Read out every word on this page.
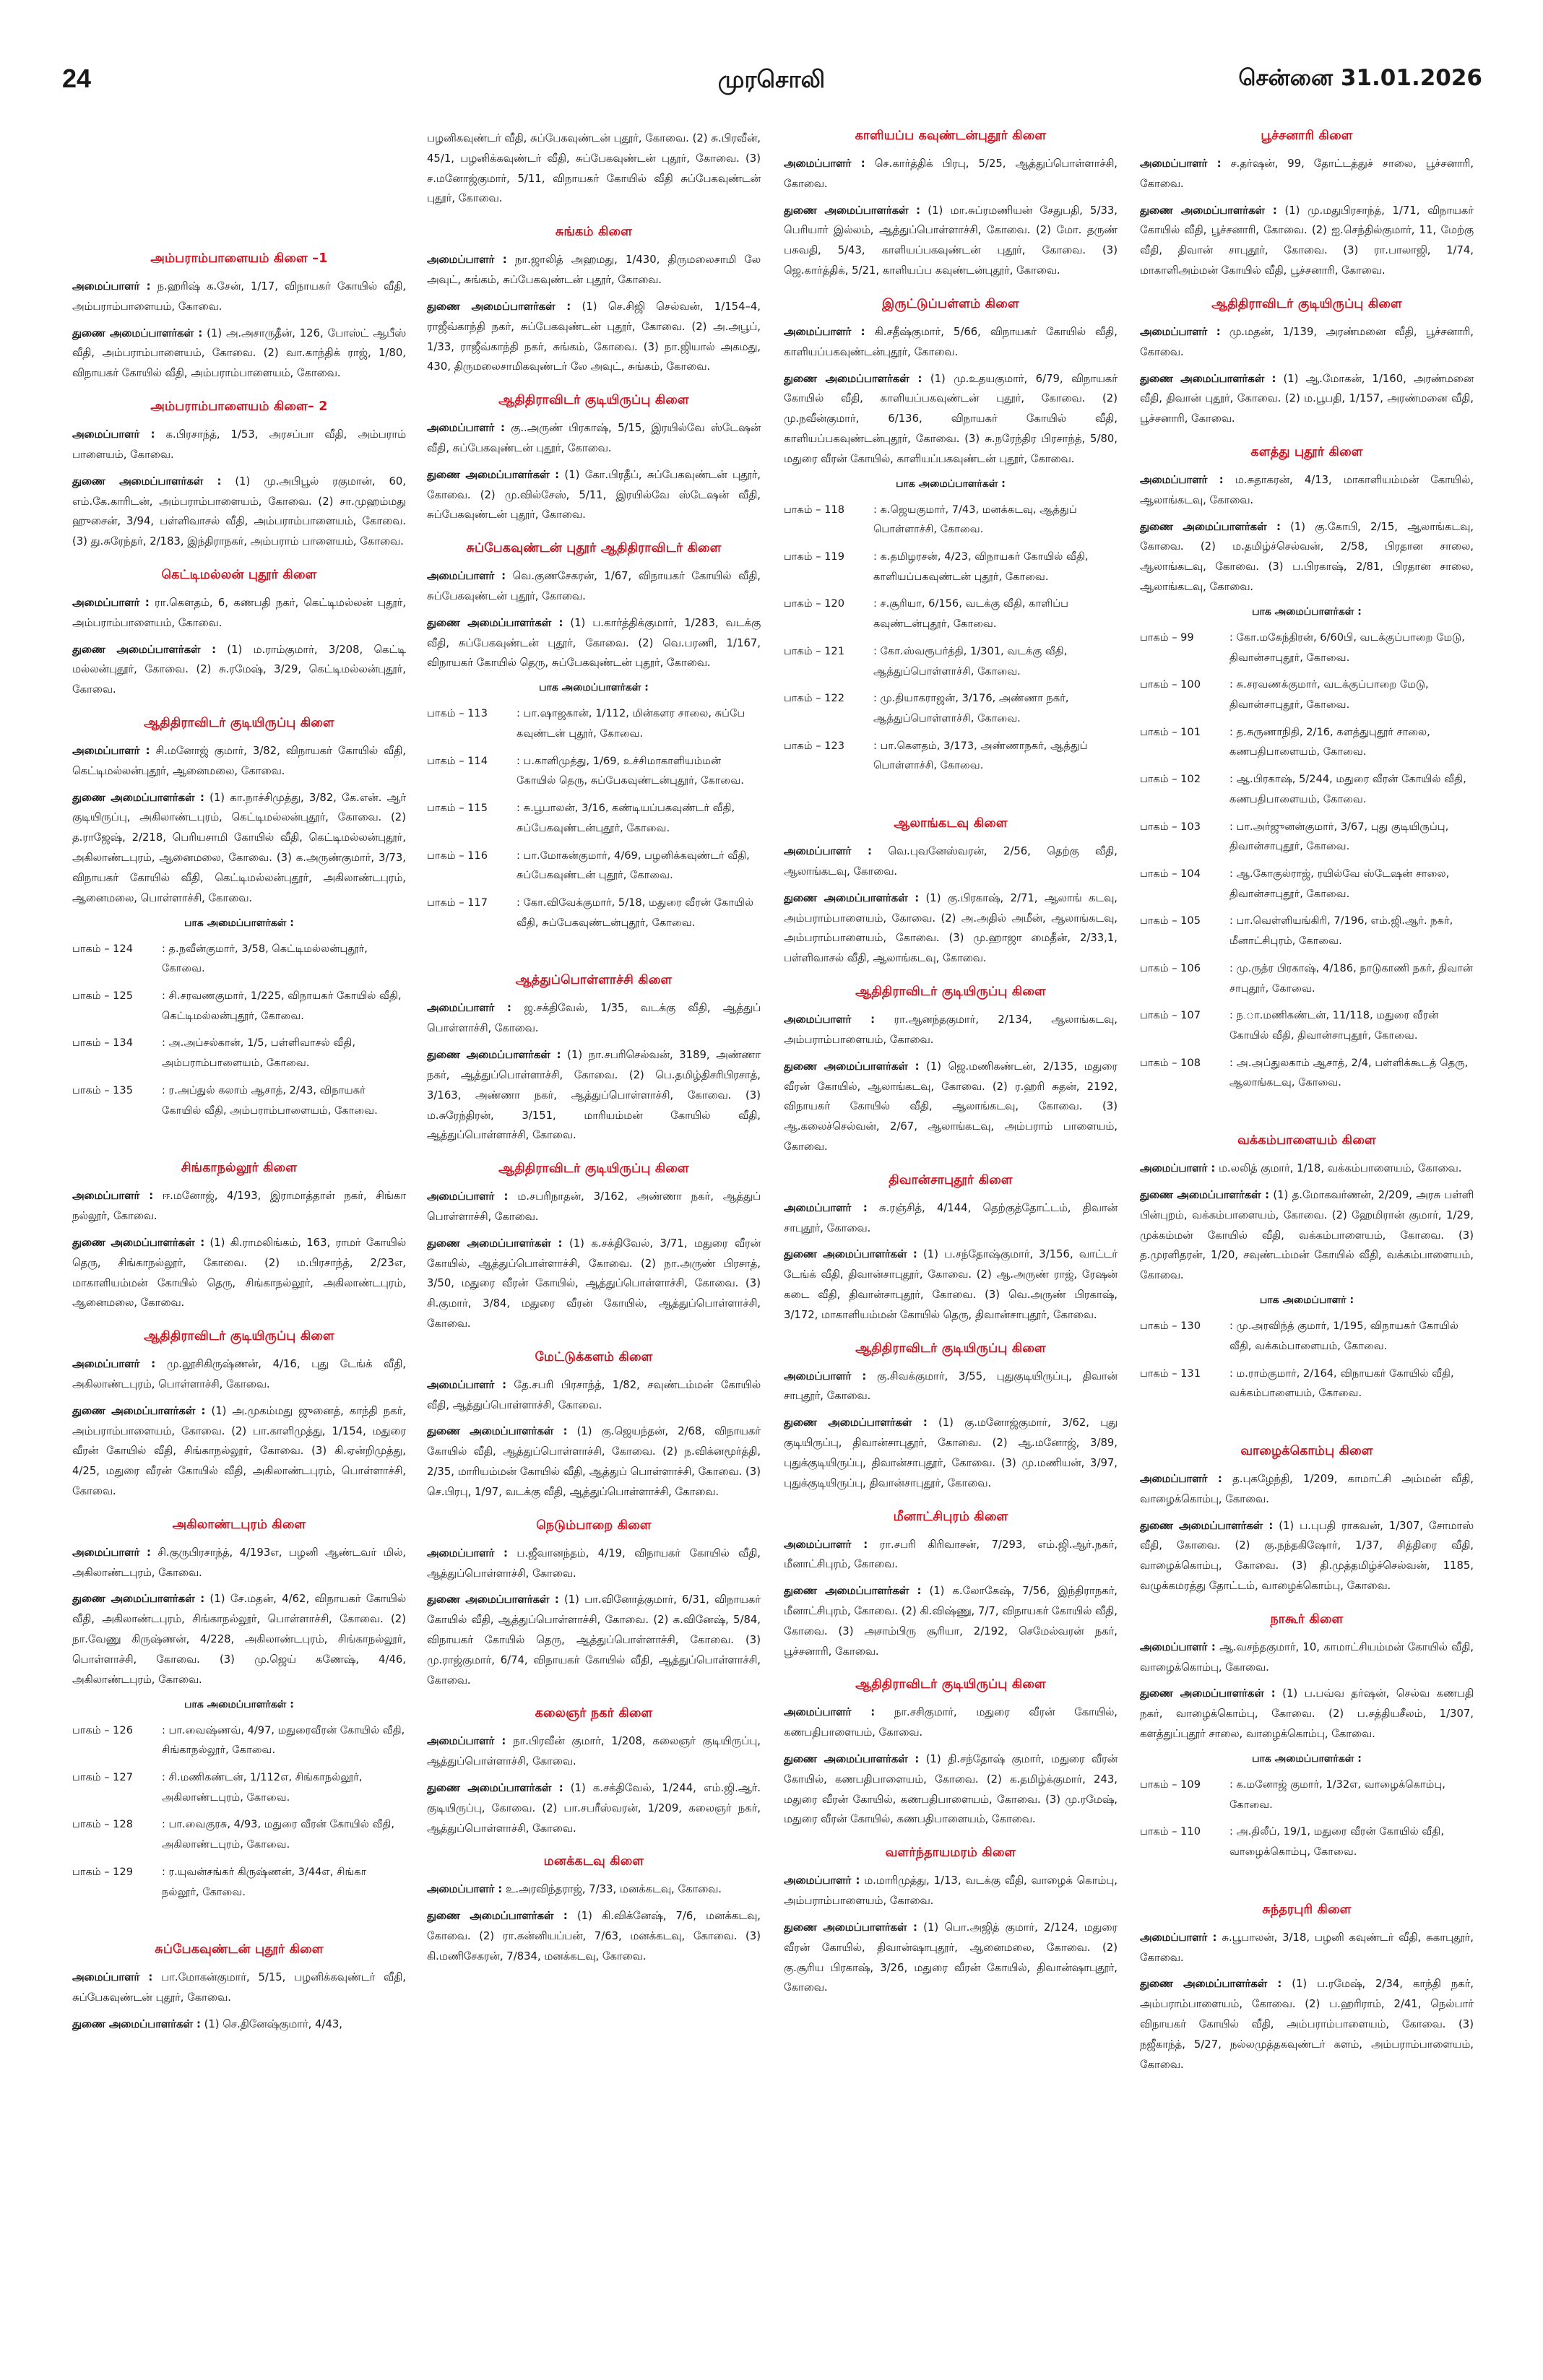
24	முரசொலி	சென்னை 31.01.2026
அம்பராம்பாளையம் கிளை –1
அமைப்பாளர் : ந.ஹரிஷ் க.சேன், 1/17, விநாயகர் கோயில் வீதி, அம்பராம்பாளையம், கோவை.
துணை அமைப்பாளர்கள் : (1) அ.அசாருதீன், 126, போஸ்ட் ஆபீஸ் வீதி, அம்பராம்பாளையம், கோவை. (2) வா.காந்திக் ராஜ், 1/80, விநாயகர் கோயில் வீதி, அம்பராம்பாளையம், கோவை.
அம்பராம்பாளையம் கிளை– 2
அமைப்பாளர் : க.பிரசாந்த், 1/53, அரசப்பா வீதி, அம்பராம் பாளையம், கோவை.
துணை அமைப்பாளர்கள் : (1) மு.அபிபூல் ரகுமான், 60, எம்.கே.காரிடன், அம்பராம்பாளையம், கோவை. (2) சா.முஹம்மது ஹுசைன், 3/94, பள்ளிவாசல் வீதி, அம்பராம்பாளையம், கோவை. (3) து.சுரேந்தர், 2/183, இந்திராநகர், அம்பராம் பாளையம், கோவை.
கெட்டிமல்லன் புதூர் கிளை
அமைப்பாளர் : ரா.கௌதம், 6, கணபதி நகர், கெட்டிமல்லன் புதூர், அம்பராம்பாளையம், கோவை.
துணை அமைப்பாளர்கள் : (1) ம.ராம்குமார், 3/208, கெட்டி மல்லன்புதூர், கோவை. (2) சு.ரமேஷ், 3/29, கெட்டிமல்லன்புதூர், கோவை.
ஆதிதிராவிடர் குடியிருப்பு கிளை
அமைப்பாளர் : சி.மனோஜ் குமார், 3/82, விநாயகர் கோயில் வீதி, கெட்டிமல்லன்புதூர், ஆனைமலை, கோவை.
துணை அமைப்பாளர்கள் : (1) கா.நாச்சிமுத்து, 3/82, கே.என். ஆர் குடியிருப்பு, அகிலாண்டபுரம், கெட்டிமல்லன்புதூர், கோவை. (2) த.ராஜேஷ், 2/218, பெரியசாமி கோயில் வீதி, கெட்டிமல்லன்புதூர், அகிலாண்டபுரம், ஆனைமலை, கோவை. (3) க.அருண்குமார், 3/73, விநாயகர் கோயில் வீதி, கெட்டிமல்லன்புதூர், அகிலாண்டபுரம், ஆனைமலை, பொள்ளாச்சி, கோவை.
பாக அமைப்பாளர்கள் :
பாகம் – 124	: த.நவீன்குமார், 3/58, கெட்டிமல்லன்புதூர், கோவை.
பாகம் – 125	: சி.சரவணகுமார், 1/225, விநாயகர் கோயில் வீதி, கெட்டிமல்லன்புதூர், கோவை.
பாகம் – 134	: அ.அப்சல்கான், 1/5, பள்ளிவாசல் வீதி, அம்பராம்பாளையம், கோவை.
பாகம் – 135	: ர.அப்துல் கலாம் ஆசாத், 2/43, விநாயகர் கோயில் வீதி, அம்பராம்பாளையம், கோவை.
சிங்காநல்லூர் கிளை
அமைப்பாளர் : ஈ.மனோஜ், 4/193, இராமாத்தாள் நகர், சிங்கா நல்லூர், கோவை.
துணை அமைப்பாளர்கள் : (1) கி.ராமலிங்கம், 163, ராமர் கோயில் தெரு, சிங்காநல்லூர், கோவை. (2) ம.பிரசாந்த், 2/23எ, மாகாளியம்மன் கோயில் தெரு, சிங்காநல்லூர், அகிலாண்டபுரம், ஆனைமலை, கோவை.
ஆதிதிராவிடர் குடியிருப்பு கிளை
அமைப்பாளர் : மு.லூசிகிருஷ்ணன், 4/16, புது டேங்க் வீதி, அகிலாண்டபுரம், பொள்ளாச்சி, கோவை.
துணை அமைப்பாளர்கள் : (1) அ.முகம்மது ஜுனைத், காந்தி நகர், அம்பராம்பாளையம், கோவை. (2) பா.காளிமுத்து, 1/154, மதுரை வீரன் கோயில் வீதி, சிங்காநல்லூர், கோவை. (3) கி.ஏன்றிமுத்து, 4/25, மதுரை வீரன் கோயில் வீதி, அகிலாண்டபுரம், பொள்ளாச்சி, கோவை.
அகிலாண்டபுரம் கிளை
அமைப்பாளர் : சி.குருபிரசாந்த், 4/193எ, பழனி ஆண்டவர் மில், அகிலாண்டபுரம், கோவை.
துணை அமைப்பாளர்கள் : (1) சே.மதன், 4/62, விநாயகர் கோயில் வீதி, அகிலாண்டபுரம், சிங்காநல்லூர், பொள்ளாச்சி, கோவை. (2) நா.வேணு கிருஷ்ணன், 4/228, அகிலாண்டபுரம், சிங்காநல்லூர், பொள்ளாச்சி, கோவை. (3) மு.ஜெய் கணேஷ், 4/46, அகிலாண்டபுரம், கோவை.
பாக அமைப்பாளர்கள் :
பாகம் – 126	: பா.வைஷ்ணவ், 4/97, மதுரைவீரன் கோயில் வீதி, சிங்காநல்லூர், கோவை.
பாகம் – 127	: சி.மணிகண்டன், 1/112எ, சிங்காநல்லூர், அகிலாண்டபுரம், கோவை.
பாகம் – 128	: பா.வைகுரசு, 4/93, மதுரை வீரன் கோயில் வீதி, அகிலாண்டபுரம், கோவை.
பாகம் – 129	: ர.யுவன்சங்கர் கிருஷ்ணன், 3/44எ, சிங்கா நல்லூர், கோவை.
சுப்பேகவுண்டன் புதூர் கிளை
அமைப்பாளர் : பா.மோகன்குமார், 5/15, பழனிக்கவுண்டர் வீதி, சுப்பேகவுண்டன் புதூர், கோவை.
துணை அமைப்பாளர்கள் : (1) செ.தினேஷ்குமார், 4/43,
பழனிகவுண்டர் வீதி, சுப்பேகவுண்டன் புதூர், கோவை. (2) சு.பிரவீன், 45/1, பழனிக்கவுண்டர் வீதி, சுப்பேகவுண்டன் புதூர், கோவை. (3) ச.மனோஜ்குமார், 5/11, விநாயகர் கோயில் வீதி சுப்பேகவுண்டன் புதூர், கோவை.
சுங்கம் கிளை
அமைப்பாளர் : நா.ஜாலித் அஹமது, 1/430, திருமலைசாமி லே அவுட், சுங்கம், சுப்பேகவுண்டன் புதூர், கோவை.
துணை அமைப்பாளர்கள் : (1) செ.சிஜி செல்வன், 1/154–4, ராஜீவ்காந்தி நகர், சுப்பேகவுண்டன் புதூர், கோவை. (2) அ.அபூப், 1/33, ராஜீவ்காந்தி நகர், சுங்கம், கோவை. (3) நா.ஜியால் அகமது, 430, திருமலைசாமிகவுண்டர் லே அவுட், சுங்கம், கோவை.
ஆதிதிராவிடர் குடியிருப்பு கிளை
அமைப்பாளர் : கு..அருண் பிரகாஷ், 5/15, இரயில்வே ஸ்டேஷன் வீதி, சுப்பேகவுண்டன் புதூர், கோவை.
துணை அமைப்பாளர்கள் : (1) கோ.பிரதீப், சுப்பேகவுண்டன் புதூர், கோவை. (2) மு.வில்சேஸ், 5/11, இரயில்வே ஸ்டேஷன் வீதி, சுப்பேகவுண்டன் புதூர், கோவை.
சுப்பேகவுண்டன் புதூர் ஆதிதிராவிடர் கிளை
அமைப்பாளர் : வெ.குணசேகரன், 1/67, விநாயகர் கோயில் வீதி, சுப்பேகவுண்டன் புதூர், கோவை.
துணை அமைப்பாளர்கள் : (1) ப.கார்த்திக்குமார், 1/283, வடக்கு வீதி, சுப்பேகவுண்டன் புதூர், கோவை. (2) வெ.பரணி, 1/167, விநாயகர் கோயில் தெரு, சுப்பேகவுண்டன் புதூர், கோவை.
பாக அமைப்பாளர்கள் :
பாகம் – 113	: பா.ஷாஜகான், 1/112, மின்களர சாலை, சுப்பே கவுண்டன் புதூர், கோவை.
பாகம் – 114	: ப.காளிமுத்து, 1/69, உச்சிமாகாளியம்மன் கோயில் தெரு, சுப்பேகவுண்டன்புதூர், கோவை.
பாகம் – 115	: சு.பூபாலன், 3/16, கண்டியப்பகவுண்டர் வீதி, சுப்பேகவுண்டன்புதூர், கோவை.
பாகம் – 116	: பா.மோகன்குமார், 4/69, பழனிக்கவுண்டர் வீதி, சுப்பேகவுண்டன் புதூர், கோவை.
பாகம் – 117	: கோ.விவேக்குமார், 5/18, மதுரை வீரன் கோயில் வீதி, சுப்பேகவுண்டன்புதூர், கோவை.
ஆத்துப்பொள்ளாச்சி கிளை
அமைப்பாளர் : ஜ.சக்திவேல், 1/35, வடக்கு வீதி, ஆத்துப் பொள்ளாச்சி, கோவை.
துணை அமைப்பாளர்கள் : (1) நா.சபரிசெல்வன், 3189, அண்ணா நகர், ஆத்துப்பொள்ளாச்சி, கோவை. (2) பெ.தமிழ்திசரிபிரசாத், 3/163, அண்ணா நகர், ஆத்துப்பொள்ளாச்சி, கோவை. (3) ம.சுரேந்திரன், 3/151, மாரியம்மன் கோயில் வீதி, ஆத்துப்பொள்ளாச்சி, கோவை.
ஆதிதிராவிடர் குடியிருப்பு கிளை
அமைப்பாளர் : ம.சபரிநாதன், 3/162, அண்ணா நகர், ஆத்துப் பொள்ளாச்சி, கோவை.
துணை அமைப்பாளர்கள் : (1) க.சக்திவேல், 3/71, மதுரை வீரன் கோயில், ஆத்துப்பொள்ளாச்சி, கோவை. (2) நா.அருண் பிரசாத், 3/50, மதுரை வீரன் கோயில், ஆத்துப்பொள்ளாச்சி, கோவை. (3) சி.குமார், 3/84, மதுரை வீரன் கோயில், ஆத்துப்பொள்ளாச்சி, கோவை.
மேட்டுக்களம் கிளை
அமைப்பாளர் : தே.சபரி பிரசாந்த், 1/82, சவுண்டம்மன் கோயில் வீதி, ஆத்துப்பொள்ளாச்சி, கோவை.
துணை அமைப்பாளர்கள் : (1) கு.ஜெயந்தன், 2/68, விநாயகர் கோயில் வீதி, ஆத்துப்பொள்ளாச்சி, கோவை. (2) ந.விக்னமூர்த்தி, 2/35, மாரியம்மன் கோயில் வீதி, ஆத்துப் பொள்ளாச்சி, கோவை. (3) செ.பிரபு, 1/97, வடக்கு வீதி, ஆத்துப்பொள்ளாச்சி, கோவை.
நெடும்பாறை கிளை
அமைப்பாளர் : ப.ஜீவானந்தம், 4/19, விநாயகர் கோயில் வீதி, ஆத்துப்பொள்ளாச்சி, கோவை.
துணை அமைப்பாளர்கள் : (1) பா.வினோத்குமார், 6/31, விநாயகர் கோயில் வீதி, ஆத்துப்பொள்ளாச்சி, கோவை. (2) க.வினேஷ், 5/84, விநாயகர் கோயில் தெரு, ஆத்துப்பொள்ளாச்சி, கோவை. (3) மு.ராஜ்குமார், 6/74, விநாயகர் கோயில் வீதி, ஆத்துப்பொள்ளாச்சி, கோவை.
கலைஞர் நகர் கிளை
அமைப்பாளர் : நா.பிரவீன் குமார், 1/208, கலைஞர் குடியிருப்பு, ஆத்துப்பொள்ளாச்சி, கோவை.
துணை அமைப்பாளர்கள் : (1) க.சக்திவேல், 1/244, எம்.ஜி.ஆர். குடியிருப்பு, கோவை. (2) பா.சபரீஸ்வரன், 1/209, கலைஞர் நகர், ஆத்துப்பொள்ளாச்சி, கோவை.
மனக்கடவு கிளை
அமைப்பாளர் : உ.அரவிந்தராஜ், 7/33, மனக்கடவு, கோவை.
துணை அமைப்பாளர்கள் : (1) கி.விக்னேஷ், 7/6, மனக்கடவு, கோவை. (2) ரா.கன்னியப்பன், 7/63, மனக்கடவு, கோவை. (3) கி.மணிசேகரன், 7/834, மனக்கடவு, கோவை.
காளியப்ப கவுண்டன்புதூர் கிளை
அமைப்பாளர் : செ.கார்த்திக் பிரபு, 5/25, ஆத்துப்பொள்ளாச்சி, கோவை.
துணை அமைப்பாளர்கள் : (1) மா.சுப்ரமணியன் சேதுபதி, 5/33, பெரியார் இல்லம், ஆத்துப்பொள்ளாச்சி, கோவை. (2) மோ. தருண் பசுவதி, 5/43, காளியப்பகவுண்டன் புதூர், கோவை. (3) ஜெ.கார்த்திக், 5/21, காளியப்ப கவுண்டன்புதூர், கோவை.
இருட்டுப்பள்ளம் கிளை
அமைப்பாளர் : கி.சதீஷ்குமார், 5/66, விநாயகர் கோயில் வீதி, காளியப்பகவுண்டன்புதூர், கோவை.
துணை அமைப்பாளர்கள் : (1) மு.உதயகுமார், 6/79, விநாயகர் கோயில் வீதி, காளியப்பகவுண்டன் புதூர், கோவை. (2) மு.நவீன்குமார், 6/136, விநாயகர் கோயில் வீதி, காளியப்பகவுண்டன்புதூர், கோவை. (3) சு.நரேந்திர பிரசாந்த், 5/80, மதுரை வீரன் கோயில், காளியப்பகவுண்டன் புதூர், கோவை.
பாக அமைப்பாளர்கள் :
பாகம் – 118	: க.ஜெயகுமார், 7/43, மனக்கடவு, ஆத்துப் பொள்ளாச்சி, கோவை.
பாகம் – 119	: க.தமிழரசன், 4/23, விநாயகர் கோயில் வீதி, காளியப்பகவுண்டன் புதூர், கோவை.
பாகம் – 120	: ச.சூரியா, 6/156, வடக்கு வீதி, காளிப்ப கவுண்டன்புதூர், கோவை.
பாகம் – 121	: கோ.ஸ்வரூபர்த்தி, 1/301, வடக்கு வீதி, ஆத்துப்பொள்ளாச்சி, கோவை.
பாகம் – 122	: மு.தியாகராஜன், 3/176, அண்ணா நகர், ஆத்துப்பொள்ளாச்சி, கோவை.
பாகம் – 123	: பா.கௌதம், 3/173, அண்ணாநகர், ஆத்துப் பொள்ளாச்சி, கோவை.
ஆலாங்கடவு கிளை
அமைப்பாளர் : வெ.புவனேஸ்வரன், 2/56, தெற்கு வீதி, ஆலாங்கடவு, கோவை.
துணை அமைப்பாளர்கள் : (1) கு.பிரகாஷ், 2/71, ஆலாங் கடவு, அம்பராம்பாளையம், கோவை. (2) அ.அதில் அமீன், ஆலாங்கடவு, அம்பராம்பாளையம், கோவை. (3) மு.ஹாஜா மைதீன், 2/33,1, பள்ளிவாசல் வீதி, ஆலாங்கடவு, கோவை.
ஆதிதிராவிடர் குடியிருப்பு கிளை
அமைப்பாளர் : ரா.ஆனந்தகுமார், 2/134, ஆலாங்கடவு, அம்பராம்பாளையம், கோவை.
துணை அமைப்பாளர்கள் : (1) ஜெ.மணிகண்டன், 2/135, மதுரை வீரன் கோயில், ஆலாங்கடவு, கோவை. (2) ர.ஹரி சுதன், 2192, விநாயகர் கோயில் வீதி, ஆலாங்கடவு, கோவை. (3) ஆ.கலைச்செல்வன், 2/67, ஆலாங்கடவு, அம்பராம் பாளையம், கோவை.
திவான்சாபுதூர் கிளை
அமைப்பாளர் : சு.ரஞ்சித், 4/144, தெற்குத்தோட்டம், திவான் சாபுதூர், கோவை.
துணை அமைப்பாளர்கள் : (1) ப.சந்தோஷ்குமார், 3/156, வாட்டர் டேங்க் வீதி, திவான்சாபுதூர், கோவை. (2) ஆ.அருண் ராஜ், ரேஷன் கடை வீதி, திவான்சாபுதூர், கோவை. (3) வெ.அருண் பிரகாஷ், 3/172, மாகாளியம்மன் கோயில் தெரு, திவான்சாபுதூர், கோவை.
ஆதிதிராவிடர் குடியிருப்பு கிளை
அமைப்பாளர் : கு.சிவக்குமார், 3/55, புதுகுடியிருப்பு, திவான் சாபுதூர், கோவை.
துணை அமைப்பாளர்கள் : (1) கு.மனோஜ்குமார், 3/62, புது குடியிருப்பு, திவான்சாபுதூர், கோவை. (2) ஆ.மனோஜ், 3/89, புதுக்குடியிருப்பு, திவான்சாபுதூர், கோவை. (3) மு.மணியன், 3/97, புதுக்குடியிருப்பு, திவான்சாபுதூர், கோவை.
மீனாட்சிபுரம் கிளை
அமைப்பாளர் : ரா.சபரி கிரிவாசன், 7/293, எம்.ஜி.ஆர்.நகர், மீனாட்சிபுரம், கோவை.
துணை அமைப்பாளர்கள் : (1) க.லோகேஷ், 7/56, இந்திராநகர், மீனாட்சிபுரம், கோவை. (2) கி.விஷ்ணு, 7/7, விநாயகர் கோயில் வீதி, கோவை. (3) அசாம்பிரு சூரியா, 2/192, செமேல்வரன் நகர், பூச்சனாரி, கோவை.
ஆதிதிராவிடர் குடியிருப்பு கிளை
அமைப்பாளர் : நா.சசிகுமார், மதுரை வீரன் கோயில், கணபதிபாளையம், கோவை.
துணை அமைப்பாளர்கள் : (1) தி.சந்தோஷ் குமார், மதுரை வீரன் கோயில், கணபதிபாளையம், கோவை. (2) க.தமிழ்க்குமார், 243, மதுரை வீரன் கோயில், கணபதிபாளையம், கோவை. (3) மு.ரமேஷ், மதுரை வீரன் கோயில், கணபதிபாளையம், கோவை.
வளர்ந்தாயமரம் கிளை
அமைப்பாளர் : ம.மாரிமுத்து, 1/13, வடக்கு வீதி, வாழைக் கொம்பு, அம்பராம்பாளையம், கோவை.
துணை அமைப்பாளர்கள் : (1) பொ.அஜித் குமார், 2/124, மதுரை வீரன் கோயில், திவான்ஷாபுதூர், ஆனைமலை, கோவை. (2) கு.சூரிய பிரகாஷ், 3/26, மதுரை வீரன் கோயில், திவான்ஷாபுதூர், கோவை.
பூச்சனாரி கிளை
அமைப்பாளர் : ச.தர்ஷன், 99, தோட்டத்துச் சாலை, பூச்சனாரி, கோவை.
துணை அமைப்பாளர்கள் : (1) மு.மதுபிரசாந்த், 1/71, விநாயகர் கோயில் வீதி, பூச்சனாரி, கோவை. (2) ஐ.செந்தில்குமார், 11, மேற்கு வீதி, திவான் சாபுதூர், கோவை. (3) ரா.பாலாஜி, 1/74, மாகாளிஅம்மன் கோயில் வீதி, பூச்சனாரி, கோவை.
ஆதிதிராவிடர் குடியிருப்பு கிளை
அமைப்பாளர் : மு.மதன், 1/139, அரண்மனை வீதி, பூச்சனாரி, கோவை.
துணை அமைப்பாளர்கள் : (1) ஆ.மோகன், 1/160, அரண்மனை வீதி, திவான் புதூர், கோவை. (2) ம.பூபதி, 1/157, அரண்மனை வீதி, பூச்சனாரி, கோவை.
களத்து புதூர் கிளை
அமைப்பாளர் : ம.சுதாகரன், 4/13, மாகாளியம்மன் கோயில், ஆலாங்கடவு, கோவை.
துணை அமைப்பாளர்கள் : (1) கு.கோபி, 2/15, ஆலாங்கடவு, கோவை. (2) ம.தமிழ்ச்செல்வன், 2/58, பிரதான சாலை, ஆலாங்கடவு, கோவை. (3) ப.பிரகாஷ், 2/81, பிரதான சாலை, ஆலாங்கடவு, கோவை.
பாக அமைப்பாளர்கள் :
பாகம் – 99	: கோ.மகேந்திரன், 6/60பி, வடக்குப்பாறை மேடு, திவான்சாபுதூர், கோவை.
பாகம் – 100	: சு.சரவணக்குமார், வடக்குப்பாறை மேடு, திவான்சாபுதூர், கோவை.
பாகம் – 101	: த.சுருணாநிதி, 2/16, களத்துபுதூர் சாலை, கணபதிபாளையம், கோவை.
பாகம் – 102	: ஆ.பிரகாஷ், 5/244, மதுரை வீரன் கோயில் வீதி, கணபதிபாளையம், கோவை.
பாகம் – 103	: பா.அர்ஜுனன்குமார், 3/67, புது குடியிருப்பு, திவான்சாபுதூர், கோவை.
பாகம் – 104	: ஆ.கோகுல்ராஜ், ரயில்வே ஸ்டேஷன் சாலை, திவான்சாபுதூர், கோவை.
பாகம் – 105	: பா.வெள்ளியங்கிரி, 7/196, எம்.ஜி.ஆர். நகர், மீனாட்சிபுரம், கோவை.
பாகம் – 106	: மு.ருத்ர பிரகாஷ், 4/186, நாடுகாணி நகர், திவான் சாபுதூர், கோவை.
பாகம் – 107	: ந.ா.மணிகண்டன், 11/118, மதுரை வீரன் கோயில் வீதி, திவான்சாபுதூர், கோவை.
பாகம் – 108	: அ.அப்துலகாம் ஆசாத், 2/4, பள்ளிக்கூடத் தெரு, ஆலாங்கடவு, கோவை.
வக்கம்பாளையம் கிளை
அமைப்பாளர் : ம.லலித் குமார், 1/18, வக்கம்பாளையம், கோவை.
துணை அமைப்பாளர்கள் : (1) த.மோகவர்ணன், 2/209, அரசு பள்ளி பின்புறம், வக்கம்பாளையம், கோவை. (2) ஹேமிரான் குமார், 1/29, முக்கம்மன் கோயில் வீதி, வக்கம்பாளையம், கோவை. (3) த.முரளிதரன், 1/20, சவுண்டம்மன் கோயில் வீதி, வக்கம்பாளையம், கோவை.
பாக அமைப்பாளர் :
பாகம் – 130	: மு.அரவிந்த் குமார், 1/195, விநாயகர் கோயில் வீதி, வக்கம்பாளையம், கோவை.
பாகம் – 131	: ம.ராம்குமார், 2/164, விநாயகர் கோயில் வீதி, வக்கம்பாளையம், கோவை.
வாழைக்கொம்பு கிளை
அமைப்பாளர் : த.புகழேந்தி, 1/209, காமாட்சி அம்மன் வீதி, வாழைக்கொம்பு, கோவை.
துணை அமைப்பாளர்கள் : (1) ப.புபதி ராகவன், 1/307, சோமாஸ் வீதி, கோவை. (2) கு.நந்தகிஷோர், 1/37, சித்திரை வீதி, வாழைக்கொம்பு, கோவை. (3) தி.முத்தமிழ்ச்செல்வன், 1185, வழுக்கமரத்து தோட்டம், வாழைக்கொம்பு, கோவை.
நாகூர் கிளை
அமைப்பாளர் : ஆ.வசந்தகுமார், 10, காமாட்சியம்மன் கோயில் வீதி, வாழைக்கொம்பு, கோவை.
துணை அமைப்பாளர்கள் : (1) ப.பவ்வ தர்ஷன், செல்வ கணபதி நகர், வாழைக்கொம்பு, கோவை. (2) ப.சத்தியசீலம், 1/307, களத்துப்புதூர் சாலை, வாழைக்கொம்பு, கோவை.
பாக அமைப்பாளர்கள் :
பாகம் – 109	: க.மனோஜ் குமார், 1/32எ, வாழைக்கொம்பு, கோவை.
பாகம் – 110	: அ.திலீப், 19/1, மதுரை வீரன் கோயில் வீதி, வாழைக்கொம்பு, கோவை.
சுந்தரபுரி கிளை
அமைப்பாளர் : சு.பூபாலன், 3/18, பழனி கவுண்டர் வீதி, சுகாபுதூர், கோவை.
துணை அமைப்பாளர்கள் : (1) ப.ரமேஷ், 2/34, காந்தி நகர், அம்பராம்பாளையம், கோவை. (2) ப.ஹரிராம், 2/41, நெல்பார் விநாயகர் கோயில் வீதி, அம்பராம்பாளையம், கோவை. (3) நஜீகாந்த், 5/27, நல்லமுத்தகவுண்டர் களம், அம்பராம்பாளையம், கோவை.
